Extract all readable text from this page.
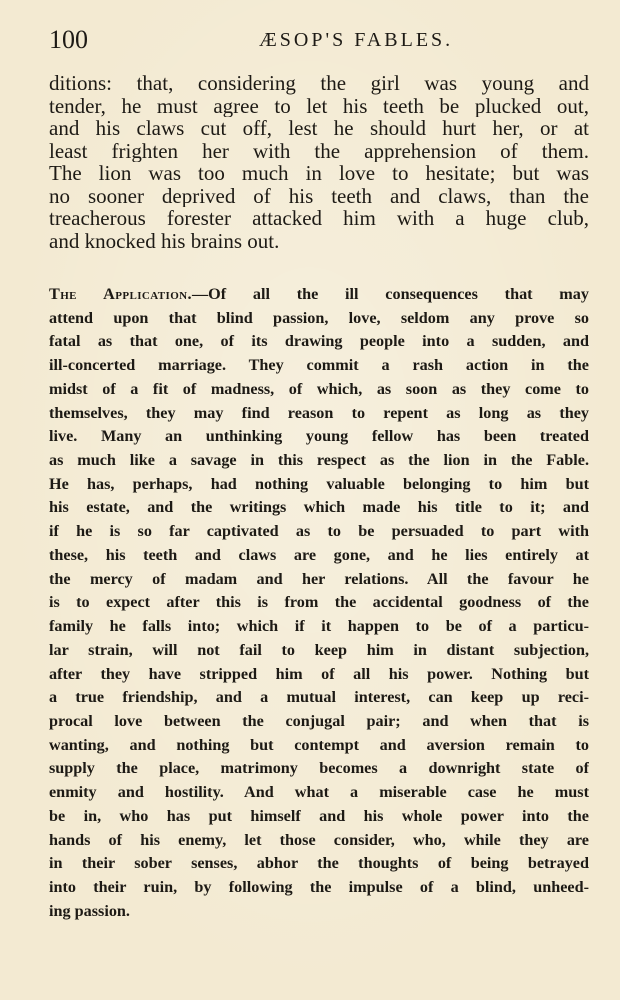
100	ÆSOP'S FABLES.
ditions: that, considering the girl was young and
tender, he must agree to let his teeth be plucked out,
and his claws cut off, lest he should hurt her, or at
least frighten her with the apprehension of them.
The lion was too much in love to hesitate; but was
no sooner deprived of his teeth and claws, than the
treacherous forester attacked him with a huge club,
and knocked his brains out.
The Application.—Of all the ill consequences that may
attend upon that blind passion, love, seldom any prove so
fatal as that one, of its drawing people into a sudden, and
ill-concerted marriage. They commit a rash action in the
midst of a fit of madness, of which, as soon as they come to
themselves, they may find reason to repent as long as they
live. Many an unthinking young fellow has been treated
as much like a savage in this respect as the lion in the Fable.
He has, perhaps, had nothing valuable belonging to him but
his estate, and the writings which made his title to it; and
if he is so far captivated as to be persuaded to part with
these, his teeth and claws are gone, and he lies entirely at
the mercy of madam and her relations. All the favour he
is to expect after this is from the accidental goodness of the
family he falls into; which if it happen to be of a particu-
lar strain, will not fail to keep him in distant subjection,
after they have stripped him of all his power. Nothing but
a true friendship, and a mutual interest, can keep up reci-
procal love between the conjugal pair; and when that is
wanting, and nothing but contempt and aversion remain to
supply the place, matrimony becomes a downright state of
enmity and hostility. And what a miserable case he must
be in, who has put himself and his whole power into the
hands of his enemy, let those consider, who, while they are
in their sober senses, abhor the thoughts of being betrayed
into their ruin, by following the impulse of a blind, unheed-
ing passion.
